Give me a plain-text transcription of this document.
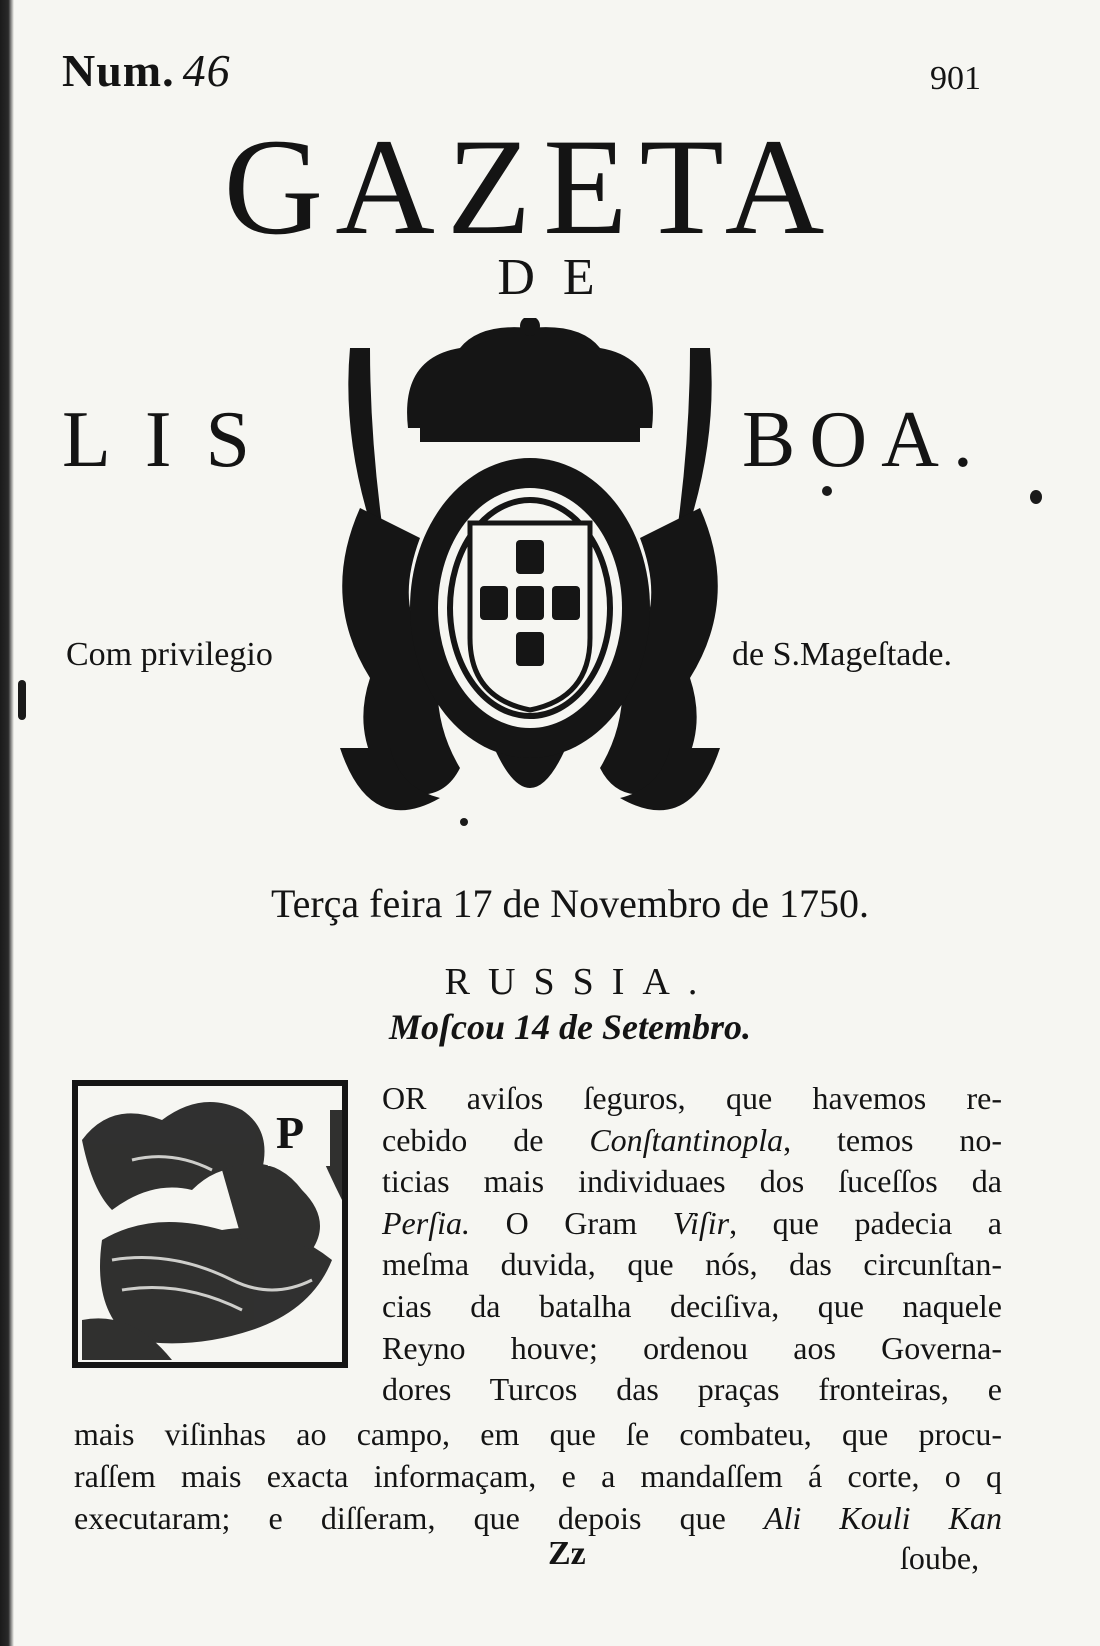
Num. 46	901
GAZETA
DE
LIS	BOA.
Com privilegio	de S.Mageſtade.
Terça feira 17 de Novembro de 1750.
RUSSIA.
Moſcou 14 de Setembro.
P
OR aviſos ſeguros, que havemos re-
cebido de Conſtantinopla, temos no-
ticias mais individuaes dos ſuceſſos da
Perſia. O Gram Viſir, que padecia a
meſma duvida, que nós, das circunſtan-
cias da batalha deciſiva, que naquele
Reyno houve; ordenou aos Governa-
dores Turcos das praças fronteiras, e
mais viſinhas ao campo, em que ſe combateu, que procu-
raſſem mais exacta informaçam, e a mandaſſem á corte, o q
executaram; e diſſeram, que depois que Ali Kouli Kan
Zz	ſoube,
